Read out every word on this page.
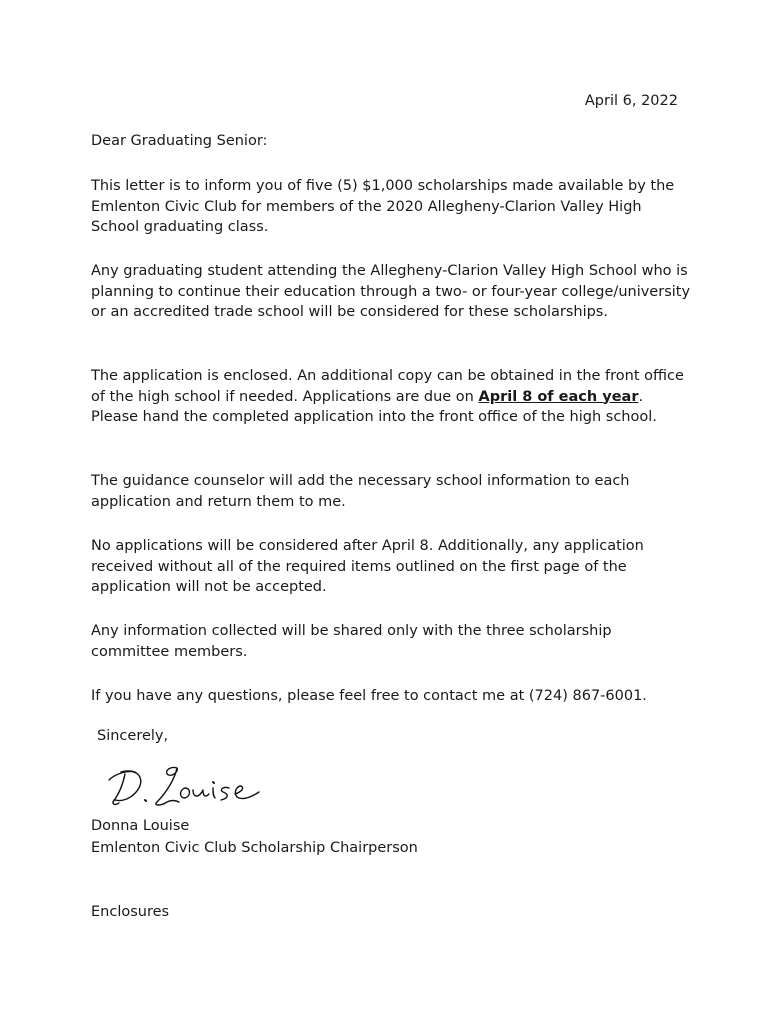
April 6, 2022
Dear Graduating Senior:

This letter is to inform you of five (5) $1,000 scholarships made available by the Emlenton Civic Club for members of the 2020 Allegheny-Clarion Valley High School graduating class.

Any graduating student attending the Allegheny-Clarion Valley High School who is planning to continue their education through a two- or four-year college/university or an accredited trade school will be considered for these scholarships.

The application is enclosed. An additional copy can be obtained in the front office of the high school if needed. Applications are due on April 8 of each year. Please hand the completed application into the front office of the high school.

The guidance counselor will add the necessary school information to each application and return them to me.

No applications will be considered after April 8. Additionally, any application received without all of the required items outlined on the first page of the application will not be accepted.

Any information collected will be shared only with the three scholarship committee members.

If you have any questions, please feel free to contact me at (724) 867-6001.

Sincerely,
Donna Louise
Emlenton Civic Club Scholarship Chairperson
Enclosures
